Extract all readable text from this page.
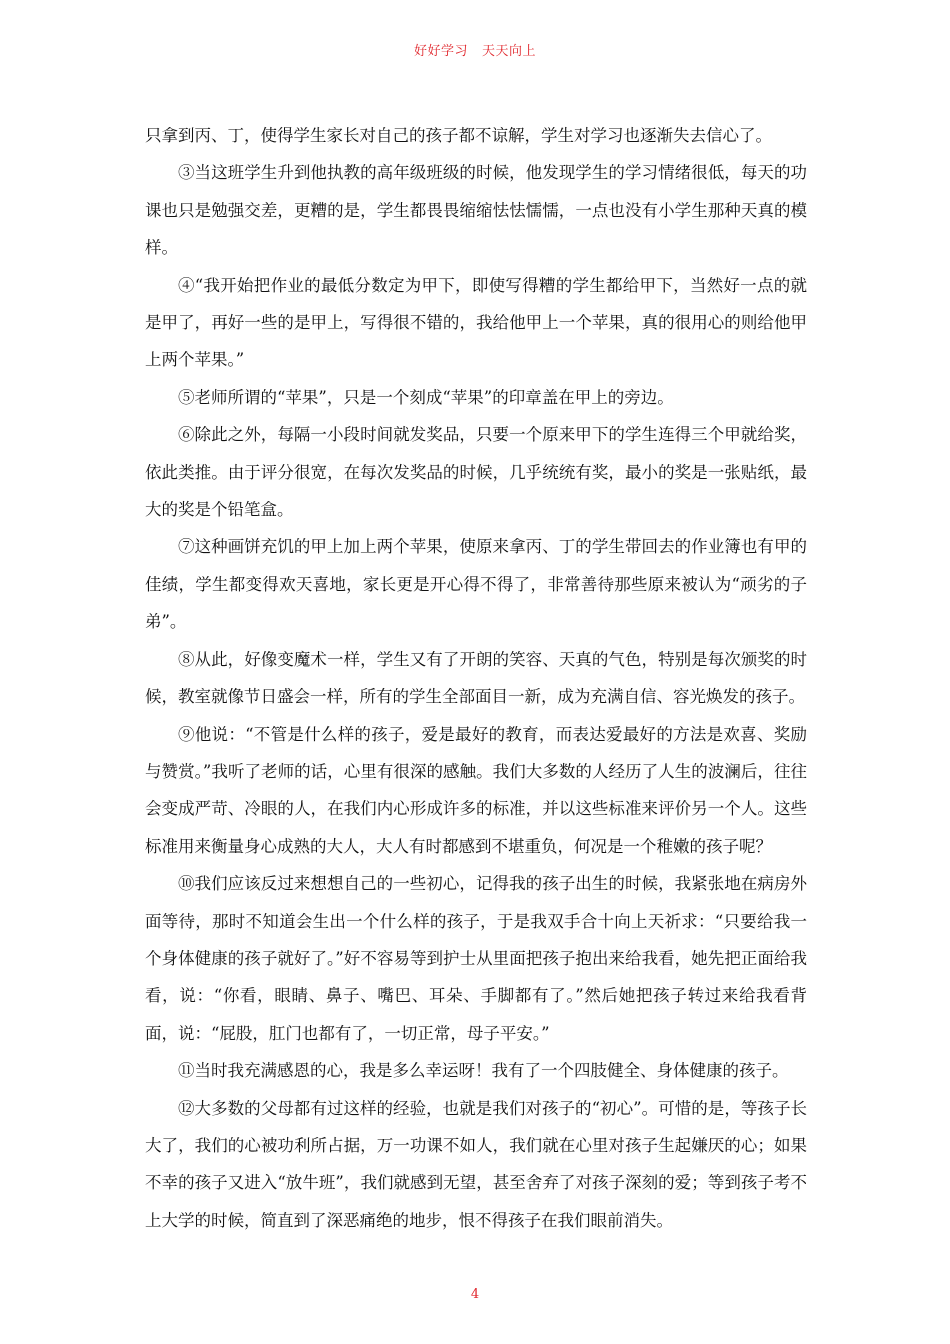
好好学习 天天向上

只拿到丙、丁，使得学生家长对自己的孩子都不谅解，学生对学习也逐渐失去信心了。

③当这班学生升到他执教的高年级班级的时候，他发现学生的学习情绪很低，每天的功课也只是勉强交差，更糟的是，学生都畏畏缩缩怯怯懦懦，一点也没有小学生那种天真的模样。

④“我开始把作业的最低分数定为甲下，即使写得糟的学生都给甲下，当然好一点的就是甲了，再好一些的是甲上，写得很不错的，我给他甲上一个苹果，真的很用心的则给他甲上两个苹果。”

⑤老师所谓的“苹果”，只是一个刻成“苹果”的印章盖在甲上的旁边。

⑥除此之外，每隔一小段时间就发奖品，只要一个原来甲下的学生连得三个甲就给奖，依此类推。由于评分很宽，在每次发奖品的时候，几乎统统有奖，最小的奖是一张贴纸，最大的奖是个铅笔盒。

⑦这种画饼充饥的甲上加上两个苹果，使原来拿丙、丁的学生带回去的作业簿也有甲的佳绩，学生都变得欢天喜地，家长更是开心得不得了，非常善待那些原来被认为“顽劣的子弟”。

⑧从此，好像变魔术一样，学生又有了开朗的笑容、天真的气色，特别是每次颁奖的时候，教室就像节日盛会一样，所有的学生全部面目一新，成为充满自信、容光焕发的孩子。

⑨他说：“不管是什么样的孩子，爱是最好的教育，而表达爱最好的方法是欢喜、奖励与赞赏。”我听了老师的话，心里有很深的感触。我们大多数的人经历了人生的波澜后，往往会变成严苛、冷眼的人，在我们内心形成许多的标准，并以这些标准来评价另一个人。这些标准用来衡量身心成熟的大人，大人有时都感到不堪重负，何况是一个稚嫩的孩子呢？

⑩我们应该反过来想想自己的一些初心，记得我的孩子出生的时候，我紧张地在病房外面等待，那时不知道会生出一个什么样的孩子，于是我双手合十向上天祈求：“只要给我一个身体健康的孩子就好了。”好不容易等到护士从里面把孩子抱出来给我看，她先把正面给我看，说：“你看，眼睛、鼻子、嘴巴、耳朵、手脚都有了。”然后她把孩子转过来给我看背面，说：“屁股，肛门也都有了，一切正常，母子平安。”

⑪当时我充满感恩的心，我是多么幸运呀！我有了一个四肢健全、身体健康的孩子。

⑫大多数的父母都有过这样的经验，也就是我们对孩子的“初心”。可惜的是，等孩子长大了，我们的心被功利所占据，万一功课不如人，我们就在心里对孩子生起嫌厌的心；如果不幸的孩子又进入“放牛班”，我们就感到无望，甚至舍弃了对孩子深刻的爱；等到孩子考不上大学的时候，简直到了深恶痛绝的地步，恨不得孩子在我们眼前消失。

4
